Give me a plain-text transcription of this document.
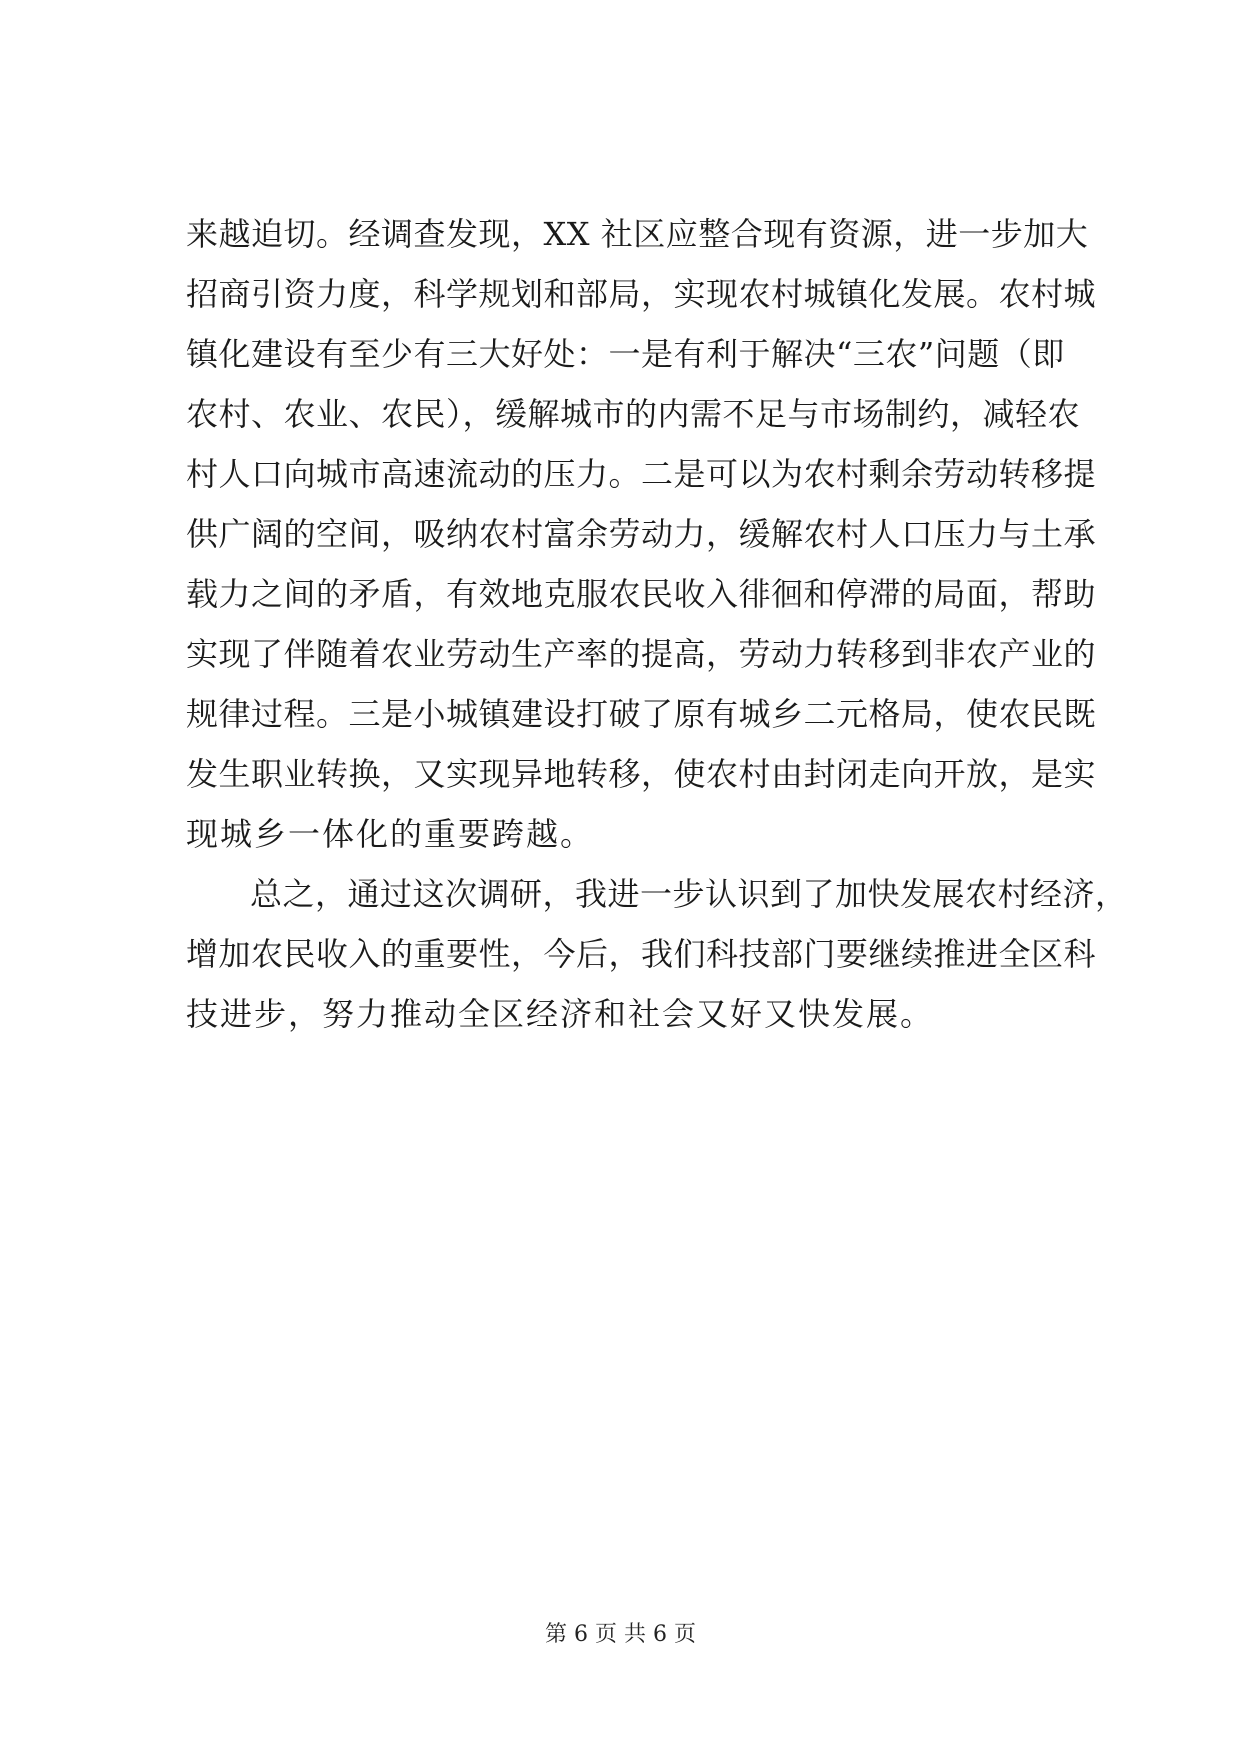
来越迫切。经调查发现，XX 社区应整合现有资源，进一步加大
招商引资力度，科学规划和部局，实现农村城镇化发展。农村城
镇化建设有至少有三大好处：一是有利于解决“三农”问题（即
农村、农业、农民），缓解城市的内需不足与市场制约，减轻农
村人口向城市高速流动的压力。二是可以为农村剩余劳动转移提
供广阔的空间，吸纳农村富余劳动力，缓解农村人口压力与土承
载力之间的矛盾，有效地克服农民收入徘徊和停滞的局面，帮助
实现了伴随着农业劳动生产率的提高，劳动力转移到非农产业的
规律过程。三是小城镇建设打破了原有城乡二元格局，使农民既
发生职业转换，又实现异地转移，使农村由封闭走向开放，是实
现城乡一体化的重要跨越。
总之，通过这次调研，我进一步认识到了加快发展农村经济，
增加农民收入的重要性，今后，我们科技部门要继续推进全区科
技进步，努力推动全区经济和社会又好又快发展。
第 6 页 共 6 页
